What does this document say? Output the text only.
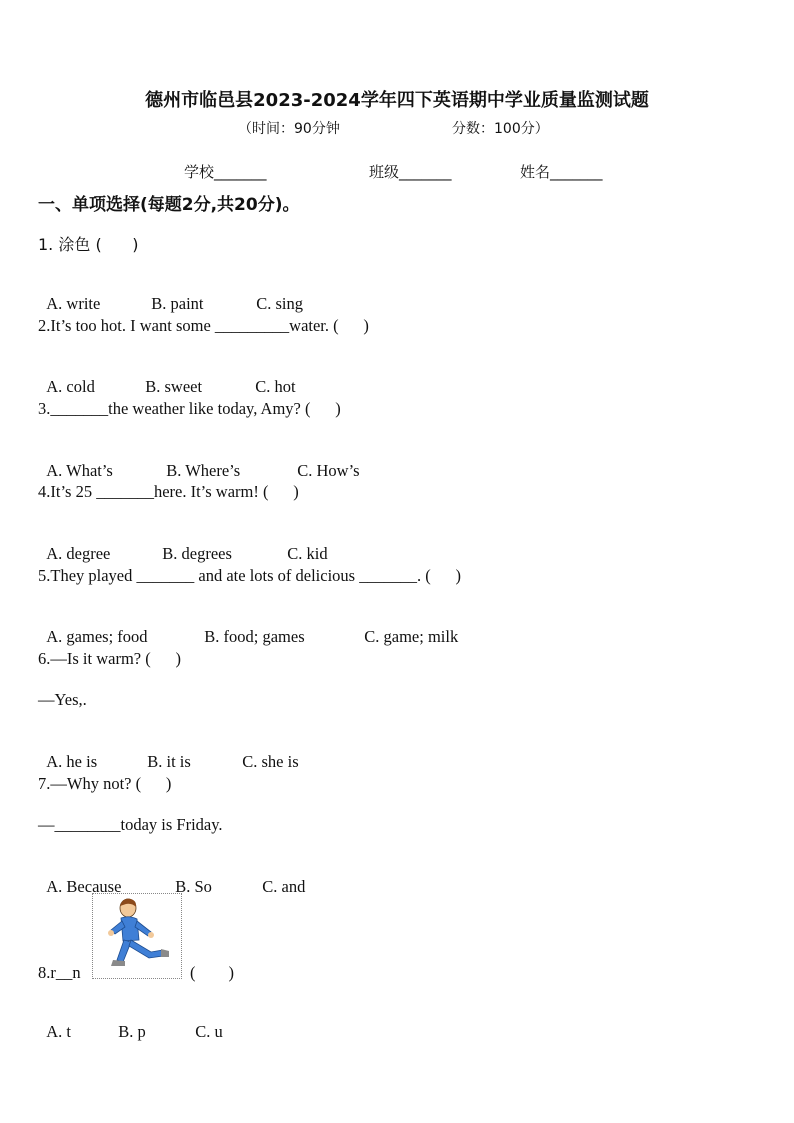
德州市临邑县2023-2024学年四下英语期中学业质量监测试题
（时间：90分钟	分数：100分）
学校_______	班级_______	姓名_______
一、单项选择(每题2分,共20分)。
1. 涂色 (      )

A. write	B. paint	C. sing

2.It’s too hot. I want some _________water. (      )

A. cold	B. sweet	C. hot

3._______the weather like today, Amy? (      )

A. What’s	B. Where’s	C. How’s

4.It’s 25 _______here. It’s warm! (      )

A. degree	B. degrees	C. kid

5.They played _______ and ate lots of delicious _______. (      )

A. games; food	B. food; games	C. game; milk

6.—Is it warm? (      )
—Yes,.

A. he is	B. it is	C. she is

7.—Why not? (      )
—________today is Friday.

A. Because	B. So	C. and

8.r__n	(        )

A. t	B. p	C. u
